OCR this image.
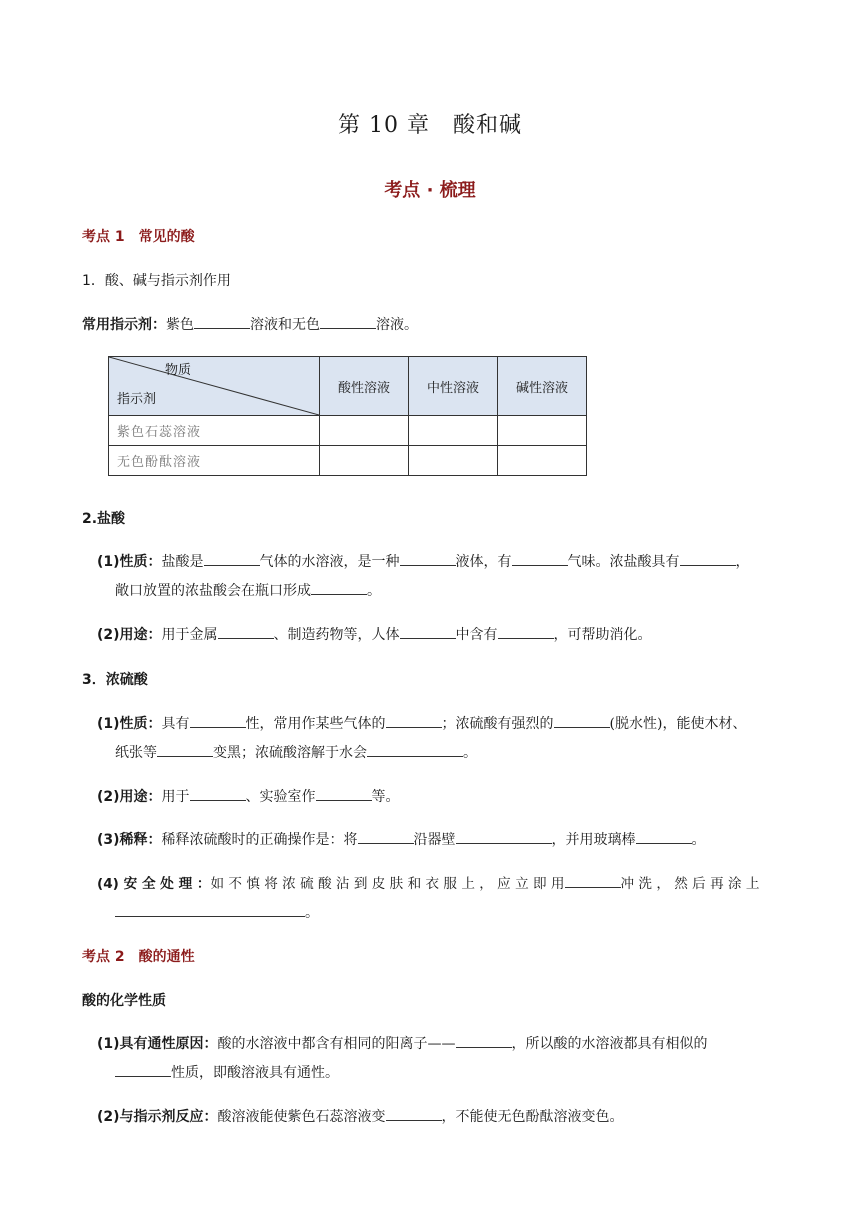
第 10 章　酸和碱
考点 · 梳理
考点 1　常见的酸
1．酸、碱与指示剂作用
常用指示剂：紫色	溶液和无色	溶液。
物质
指示剂	酸性溶液	中性溶液	碱性溶液
紫色石蕊溶液			
无色酚酞溶液			
2.盐酸
(1)性质：盐酸是	气体的水溶液，是一种	液体，有	气味。浓盐酸具有	，
敞口放置的浓盐酸会在瓶口形成	。
(2)用途：用于金属	、制造药物等，人体	中含有	，可帮助消化。
3．浓硫酸
(1)性质：具有	性，常用作某些气体的	；浓硫酸有强烈的	(脱水性)，能使木材、
纸张等	变黑；浓硫酸溶解于水会	。
(2)用途：用于	、实验室作	等。
(3)稀释：稀释浓硫酸时的正确操作是：将	沿器壁	，并用玻璃棒	。
(4) 安 全 处 理 ：如 不 慎 将 浓 硫 酸 沾 到 皮 肤 和 衣 服 上 ， 应 立 即 用	冲 洗 ， 然 后 再 涂 上
。
考点 2　酸的通性
酸的化学性质
(1)具有通性原因：酸的水溶液中都含有相同的阳离子——	，所以酸的水溶液都具有相似的
性质，即酸溶液具有通性。
(2)与指示剂反应：酸溶液能使紫色石蕊溶液变	，不能使无色酚酞溶液变色。
